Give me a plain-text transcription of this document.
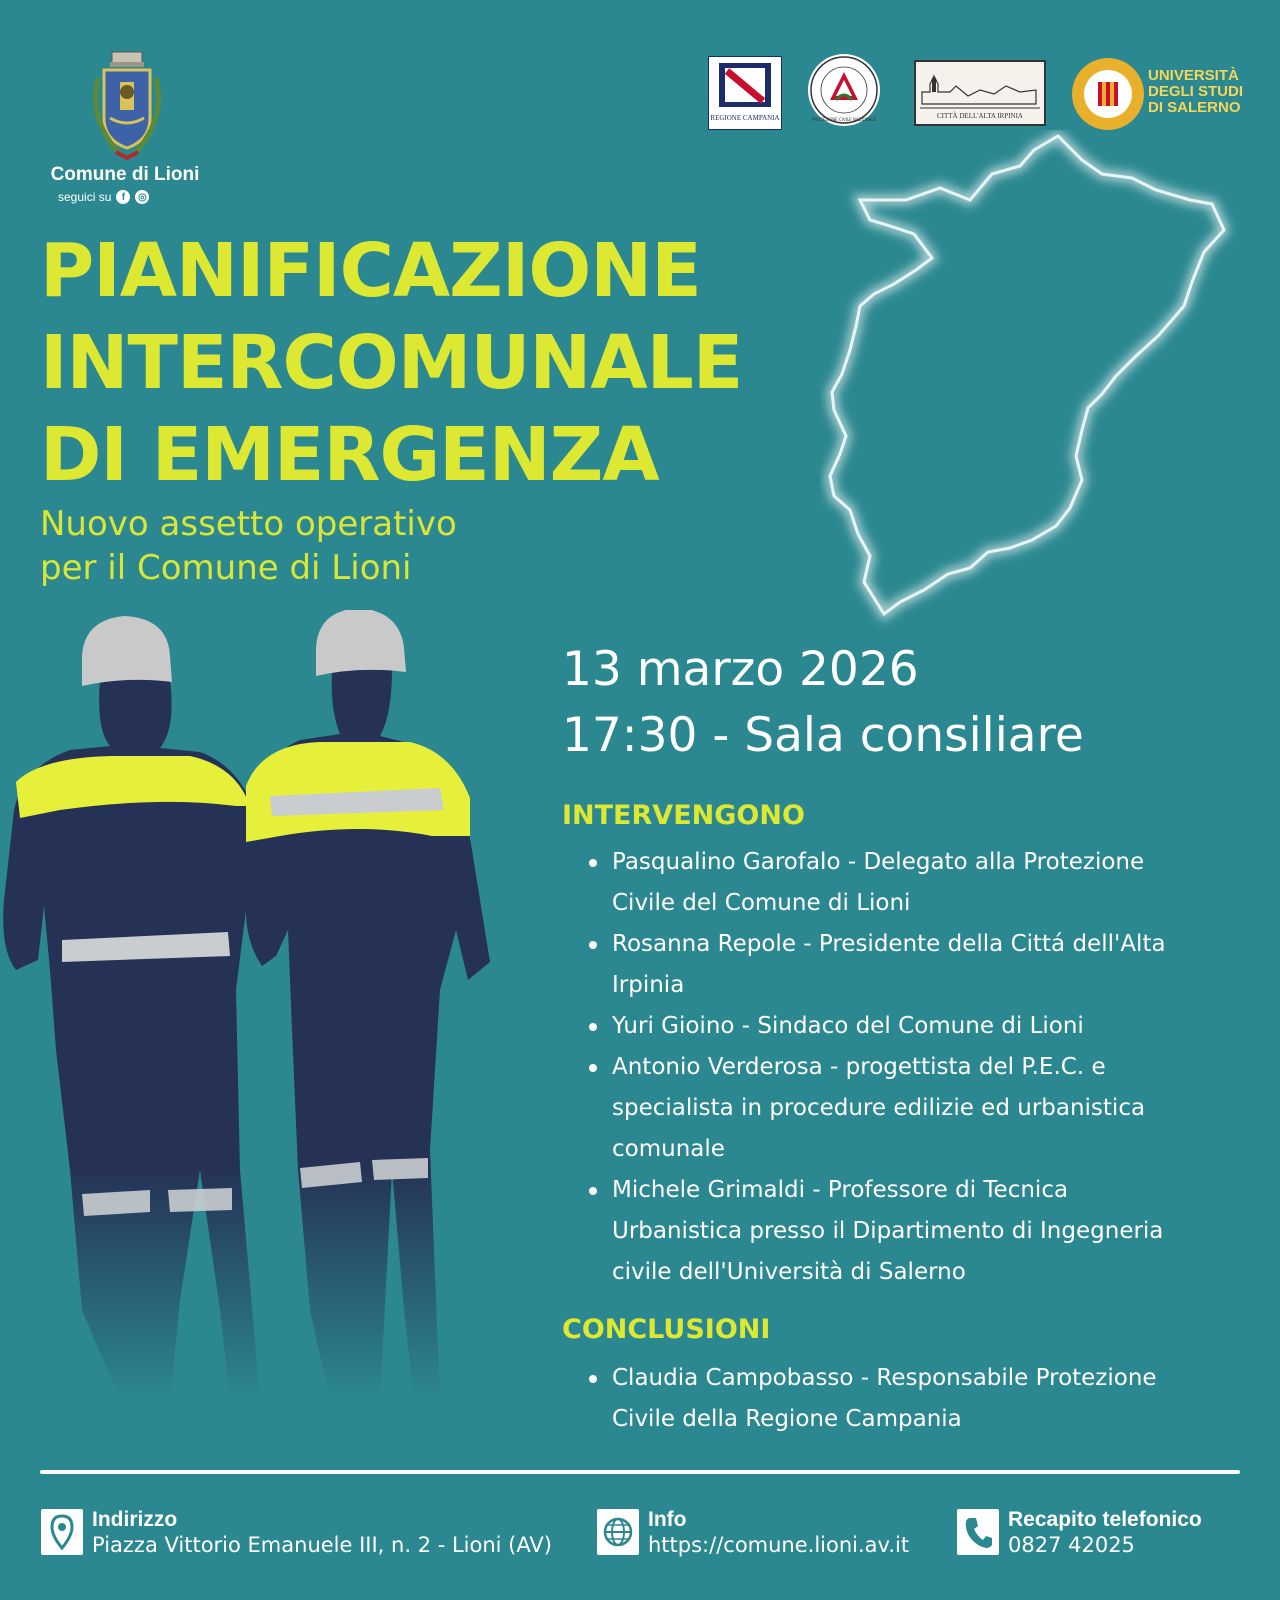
Comune di Lioni
seguici su	f	◎
REGIONE CAMPANIA	PROTEZIONE CIVILE NAZIONALE	CITTÀ DELL'ALTA IRPINIA
UNIVERSITÀ
DEGLI STUDI
DI SALERNO
PIANIFICAZIONE
INTERCOMUNALE
DI EMERGENZA
Nuovo assetto operativo
per il Comune di Lioni
13 marzo 2026
17:30 - Sala consiliare
INTERVENGONO
Pasqualino Garofalo - Delegato alla Protezione Civile del Comune di Lioni
Rosanna Repole - Presidente della Cittá dell'Alta Irpinia
Yuri Gioino - Sindaco del Comune di Lioni
Antonio Verderosa - progettista del P.E.C. e specialista in procedure edilizie ed urbanistica comunale
Michele Grimaldi - Professore di Tecnica Urbanistica presso il Dipartimento di Ingegneria civile dell'Università di Salerno
CONCLUSIONI
Claudia Campobasso - Responsabile Protezione Civile della Regione Campania
Indirizzo
Piazza Vittorio Emanuele III, n. 2 - Lioni (AV)
Info
https://comune.lioni.av.it
Recapito telefonico
0827 42025
